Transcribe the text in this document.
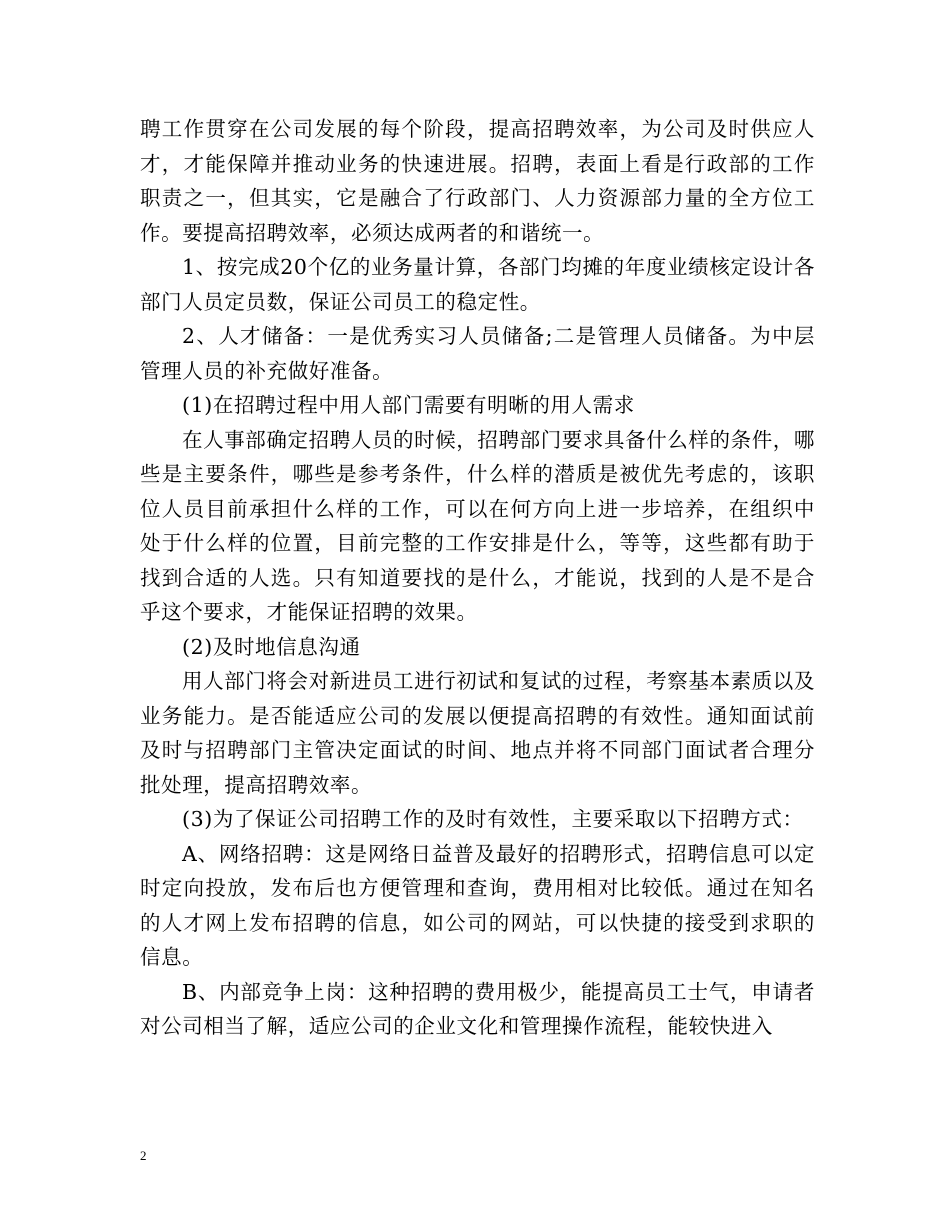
聘工作贯穿在公司发展的每个阶段，提高招聘效率，为公司及时供应人才，才能保障并推动业务的快速进展。招聘，表面上看是行政部的工作职责之一，但其实，它是融合了行政部门、人力资源部力量的全方位工作。要提高招聘效率，必须达成两者的和谐统一。

1、按完成20个亿的业务量计算，各部门均摊的年度业绩核定设计各部门人员定员数，保证公司员工的稳定性。

2、人才储备：一是优秀实习人员储备;二是管理人员储备。为中层管理人员的补充做好准备。

(1)在招聘过程中用人部门需要有明晰的用人需求

在人事部确定招聘人员的时候，招聘部门要求具备什么样的条件，哪些是主要条件，哪些是参考条件，什么样的潜质是被优先考虑的，该职位人员目前承担什么样的工作，可以在何方向上进一步培养，在组织中处于什么样的位置，目前完整的工作安排是什么，等等，这些都有助于找到合适的人选。只有知道要找的是什么，才能说，找到的人是不是合乎这个要求，才能保证招聘的效果。

(2)及时地信息沟通

用人部门将会对新进员工进行初试和复试的过程，考察基本素质以及业务能力。是否能适应公司的发展以便提高招聘的有效性。通知面试前及时与招聘部门主管决定面试的时间、地点并将不同部门面试者合理分批处理，提高招聘效率。

(3)为了保证公司招聘工作的及时有效性，主要采取以下招聘方式：

A、网络招聘：这是网络日益普及最好的招聘形式，招聘信息可以定时定向投放，发布后也方便管理和查询，费用相对比较低。通过在知名的人才网上发布招聘的信息，如公司的网站，可以快捷的接受到求职的信息。

B、内部竞争上岗：这种招聘的费用极少，能提高员工士气，申请者对公司相当了解，适应公司的企业文化和管理操作流程，能较快进入

2
